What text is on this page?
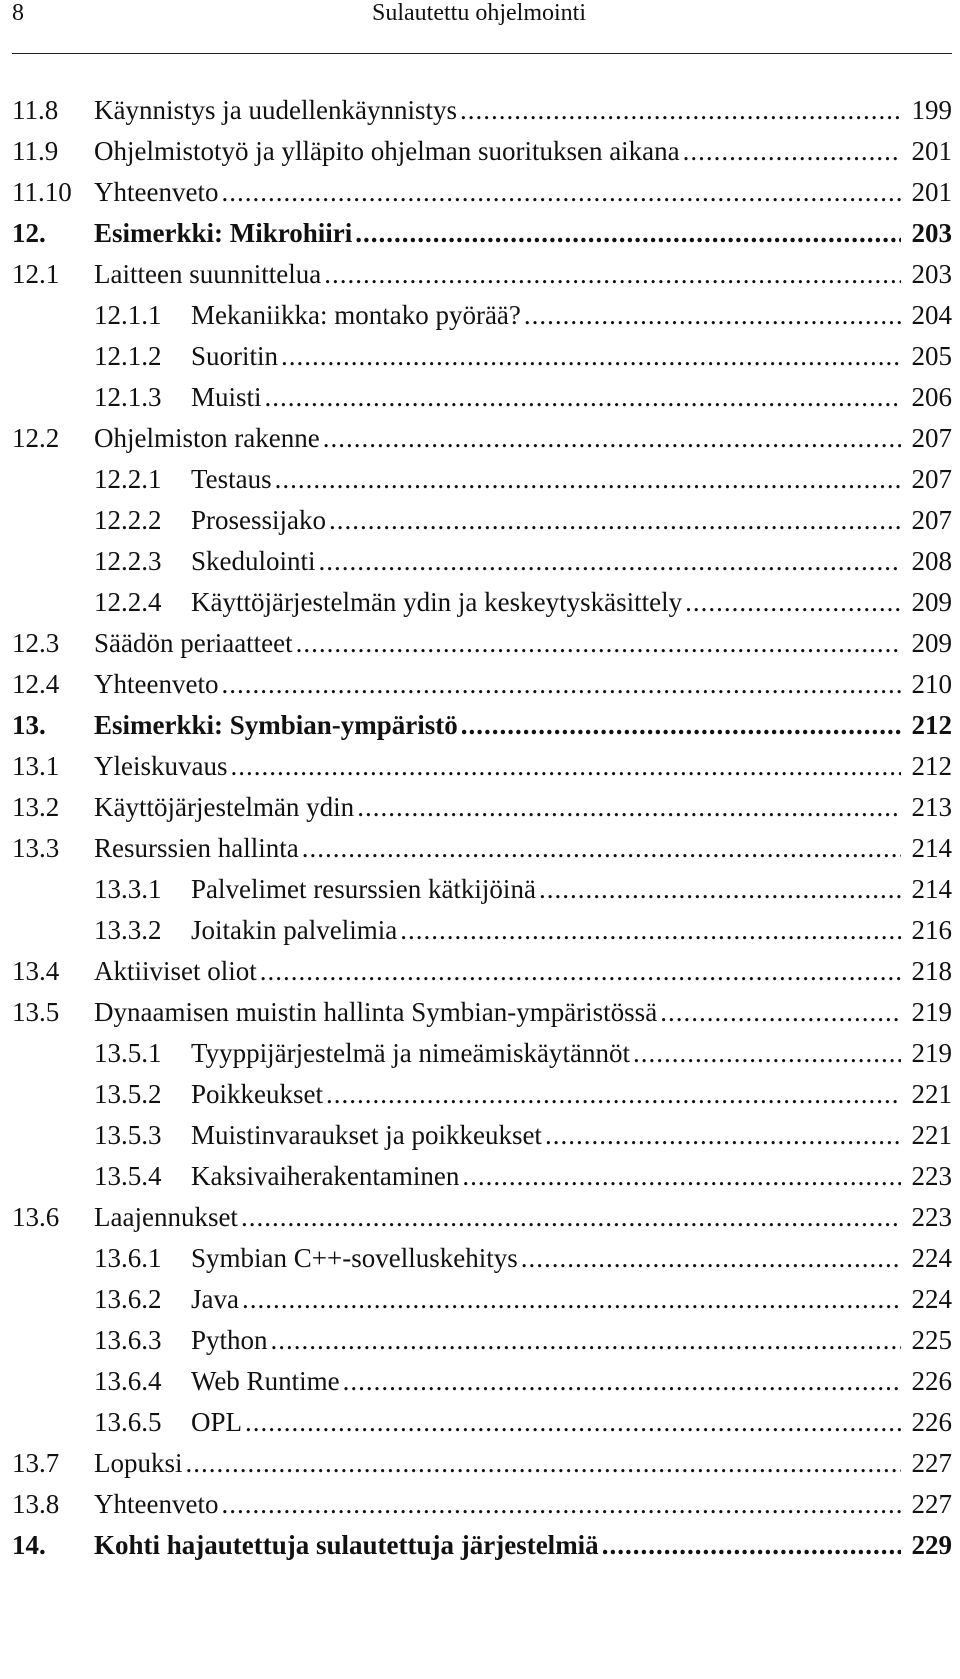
8	Sulautettu ohjelmointi
11.8	Käynnistys ja uudellenkäynnistys .....	199
11.9	Ohjelmistotyö ja ylläpito ohjelman suorituksen aikana .....	201
11.10 Yhteenveto .....	201
12.	Esimerkki: Mikrohiiri .....	203
12.1	Laitteen suunnittelua .....	203
12.1.1	Mekaniikka: montako pyörää? .....	204
12.1.2	Suoritin .....	205
12.1.3	Muisti .....	206
12.2	Ohjelmiston rakenne .....	207
12.2.1	Testaus .....	207
12.2.2	Prosessijako .....	207
12.2.3	Skedulointi .....	208
12.2.4	Käyttöjärjestelmän ydin ja keskeytyskäsittely .....	209
12.3	Säädön periaatteet .....	209
12.4	Yhteenveto .....	210
13.	Esimerkki: Symbian-ympäristö .....	212
13.1	Yleiskuvaus .....	212
13.2	Käyttöjärjestelmän ydin .....	213
13.3	Resurssien hallinta .....	214
13.3.1	Palvelimet resurssien kätkijöinä .....	214
13.3.2	Joitakin palvelimia .....	216
13.4	Aktiiviset oliot .....	218
13.5	Dynaamisen muistin hallinta Symbian-ympäristössä .....	219
13.5.1	Tyyppijärjestelmä ja nimeämiskäytännöt .....	219
13.5.2	Poikkeukset .....	221
13.5.3	Muistinvaraukset ja poikkeukset .....	221
13.5.4	Kaksivaiherakentaminen .....	223
13.6	Laajennukset .....	223
13.6.1	Symbian C++-sovelluskehitys .....	224
13.6.2	Java .....	224
13.6.3	Python .....	225
13.6.4	Web Runtime .....	226
13.6.5	OPL .....	226
13.7	Lopuksi .....	227
13.8	Yhteenveto .....	227
14.	Kohti hajautettuja sulautettuja järjestelmiä .....	229
